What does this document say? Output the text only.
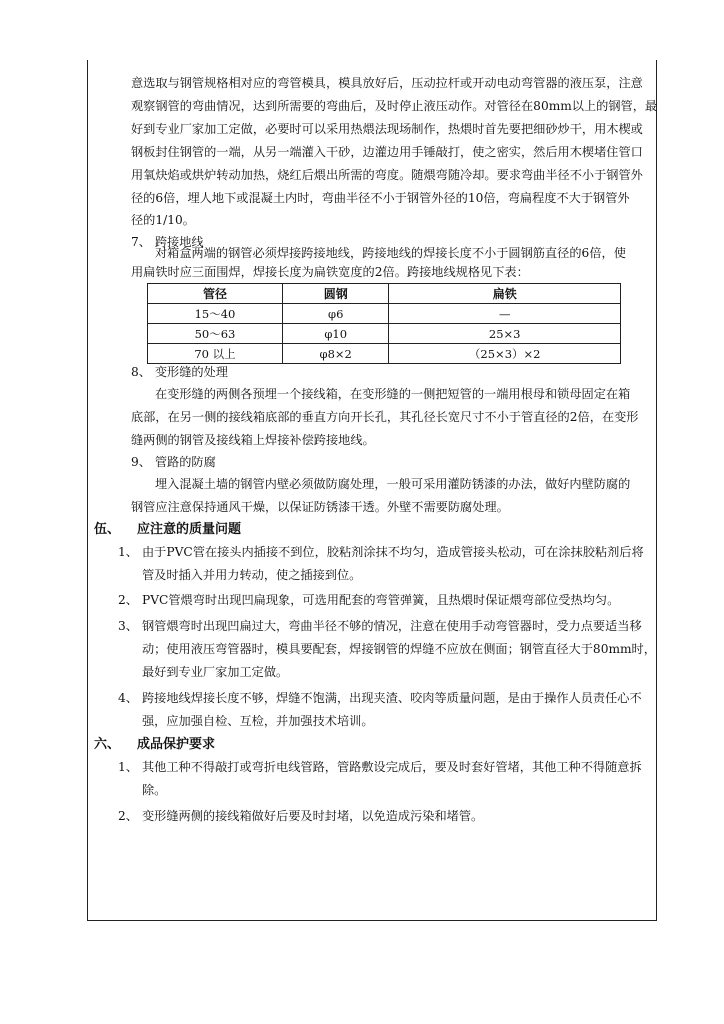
意选取与钢管规格相对应的弯管模具，模具放好后，压动拉杆或开动电动弯管器的液压泵，注意
观察钢管的弯曲情况，达到所需要的弯曲后，及时停止液压动作。对管径在80mm以上的钢管，最
好到专业厂家加工定做，必要时可以采用热煨法现场制作，热煨时首先要把细砂炒干，用木楔或
钢板封住钢管的一端，从另一端灌入干砂，边灌边用手锤敲打，使之密实，然后用木楔堵住管口
用氧炔焰或烘炉转动加热，烧红后煨出所需的弯度。随煨弯随冷却。要求弯曲半径不小于钢管外
径的6倍，埋人地下或混凝土内时，弯曲半径不小于钢管外径的10倍，弯扁程度不大于钢管外
径的1/10。
7、 跨接地线
对箱盒两端的钢管必须焊接跨接地线，跨接地线的焊接长度不小于圆钢筋直径的6倍，使
用扁铁时应三面围焊，焊接长度为扁铁宽度的2倍。跨接地线规格见下表：
管径	圆钢	扁铁
15～40	φ6	—
50～63	φ10	25×3
70 以上	φ8×2	（25×3）×2
8、 变形缝的处理
在变形缝的两侧各预埋一个接线箱，在变形缝的一侧把短管的一端用根母和锁母固定在箱
底部，在另一侧的接线箱底部的垂直方向开长孔，其孔径长宽尺寸不小于管直径的2倍，在变形
缝两侧的钢管及接线箱上焊接补偿跨接地线。
9、 管路的防腐
埋入混凝土墙的钢管内壁必须做防腐处理，一般可采用灌防锈漆的办法，做好内壁防腐的
钢管应注意保持通风干燥，以保证防锈漆干透。外壁不需要防腐处理。
伍、 应注意的质量问题
1、 由于PVC管在接头内插接不到位，胶粘剂涂抹不均匀，造成管接头松动，可在涂抹胶粘剂后将
管及时插入并用力转动，使之插接到位。
2、 PVC管煨弯时出现凹扁现象，可选用配套的弯管弹簧，且热煨时保证煨弯部位受热均匀。
3、 钢管煨弯时出现凹扁过大，弯曲半径不够的情况，注意在使用手动弯管器时，受力点要适当移
动；使用液压弯管器时，模具要配套，焊接钢管的焊缝不应放在侧面；钢管直径大于80mm时，
最好到专业厂家加工定做。
4、 跨接地线焊接长度不够，焊缝不饱满，出现夹渣、咬肉等质量问题，是由于操作人员责任心不
强，应加强自检、互检，并加强技术培训。
六、 成品保护要求
1、 其他工种不得敲打或弯折电线管路，管路敷设完成后，要及时套好管堵，其他工种不得随意拆
除。
2、 变形缝两侧的接线箱做好后要及时封堵，以免造成污染和堵管。
